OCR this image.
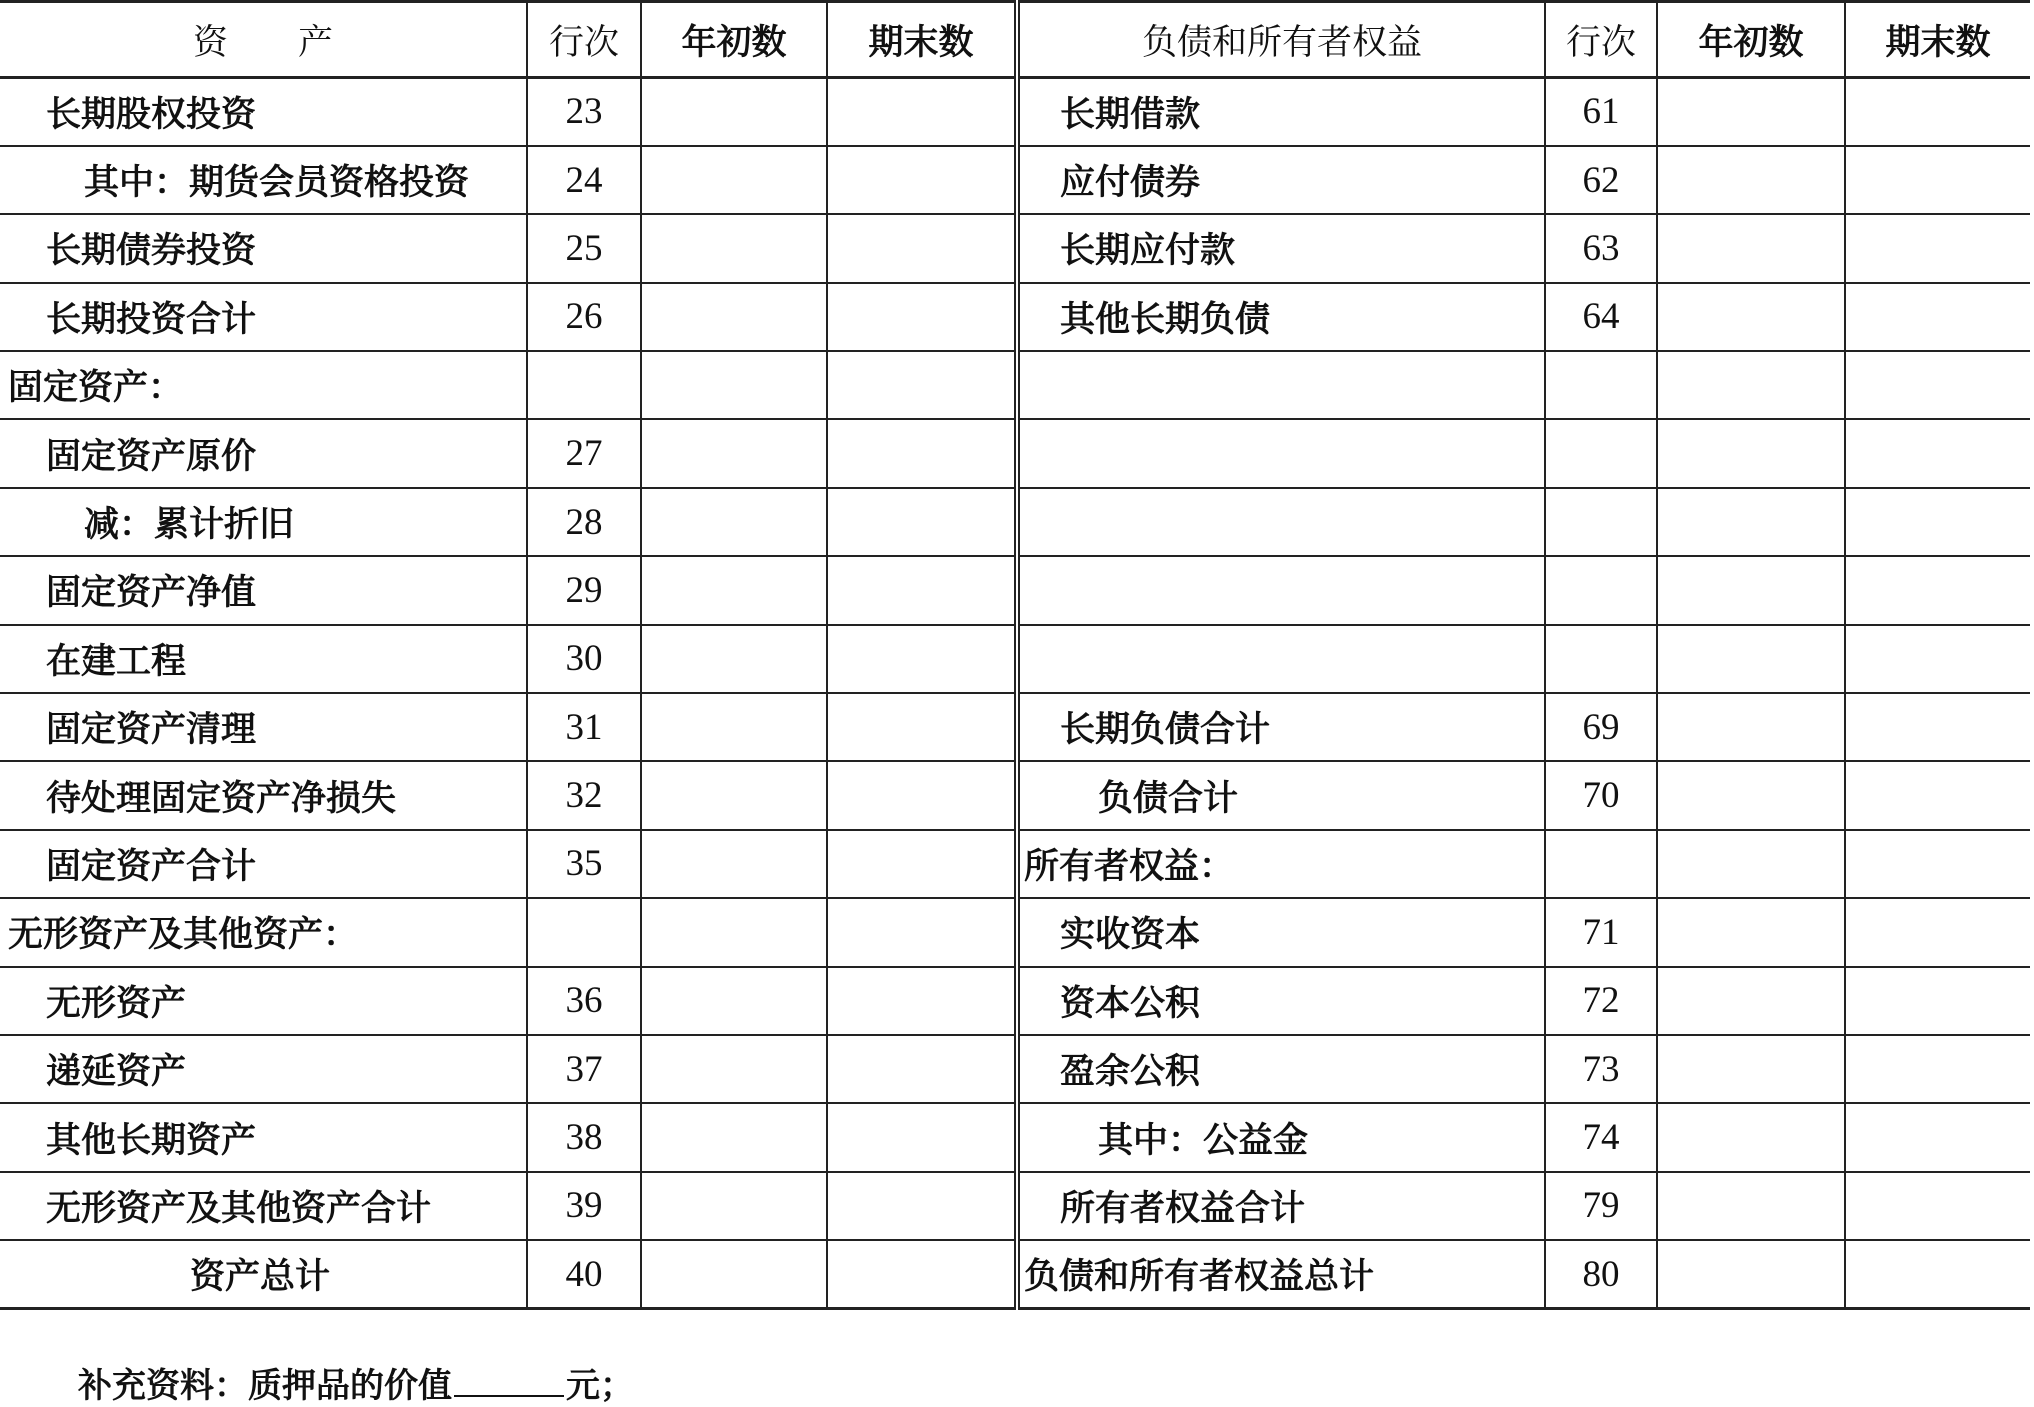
资　　产	行次	年初数	期末数	负债和所有者权益	行次	年初数	期末数
长期股权投资	23			长期借款	61		
其中：期货会员资格投资	24			应付债券	62		
长期债券投资	25			长期应付款	63		
长期投资合计	26			其他长期负债	64		
固定资产：							
固定资产原价	27						
减：累计折旧	28						
固定资产净值	29						
在建工程	30						
固定资产清理	31			长期负债合计	69		
待处理固定资产净损失	32			负债合计	70		
固定资产合计	35			所有者权益：			
无形资产及其他资产：				实收资本	71		
无形资产	36			资本公积	72		
递延资产	37			盈余公积	73		
其他长期资产	38			其中：公益金	74		
无形资产及其他资产合计	39			所有者权益合计	79		
资产总计	40			负债和所有者权益总计	80		
补充资料：质押品的价值	元；
